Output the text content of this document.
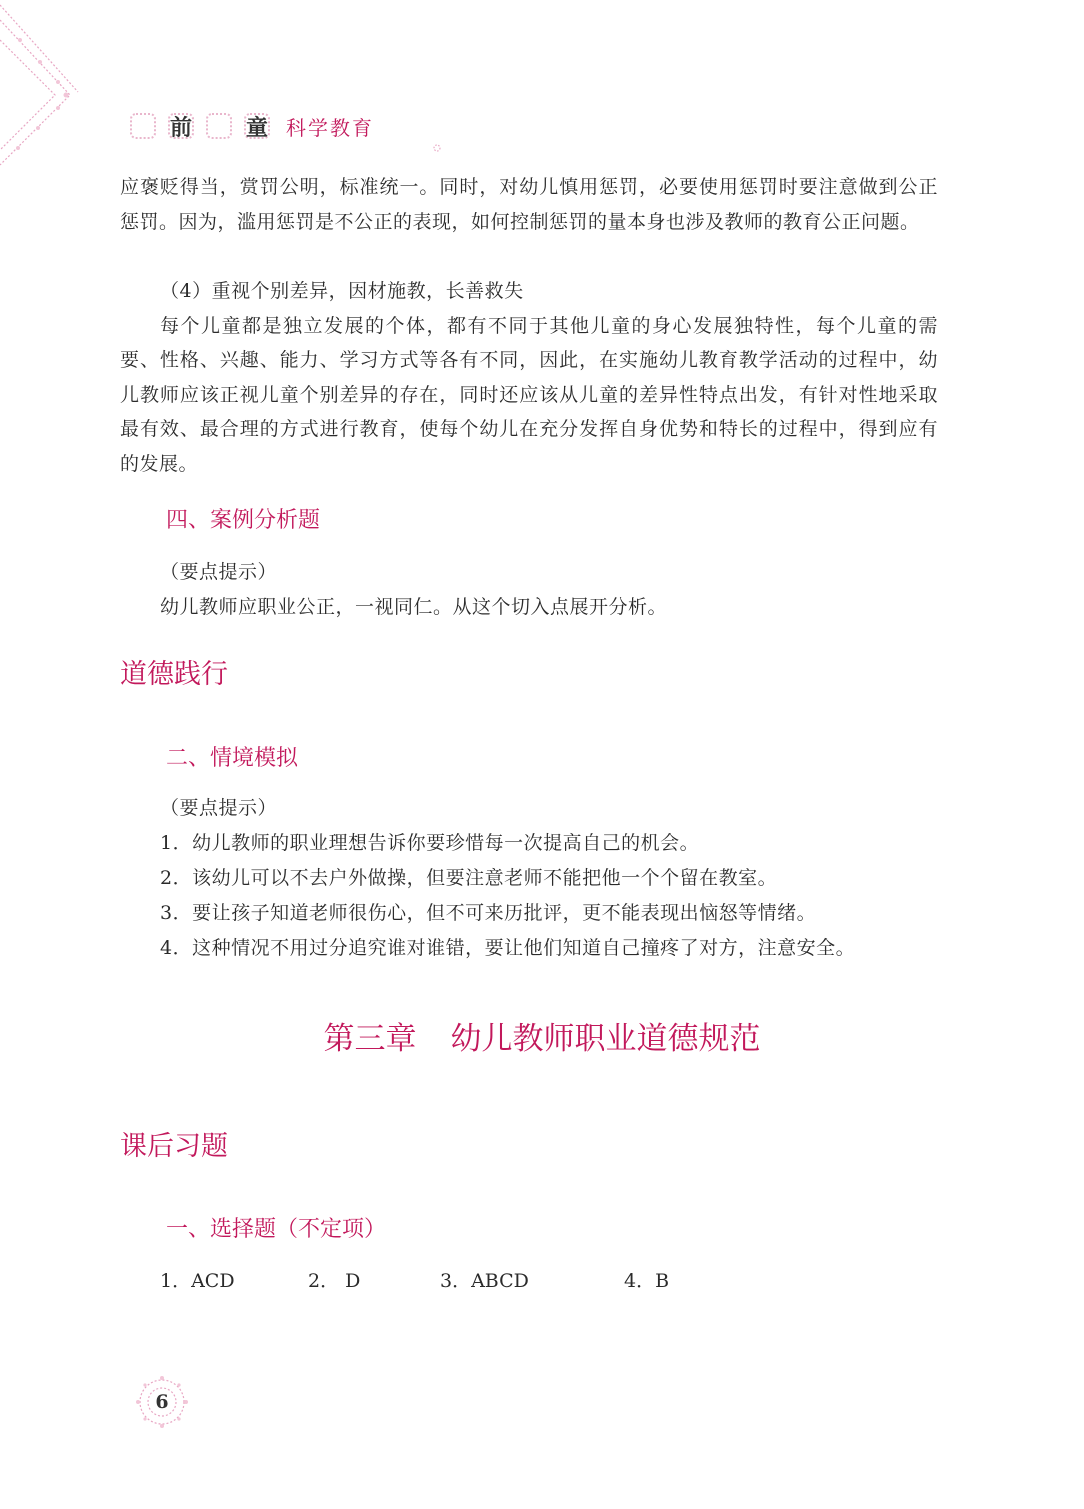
前 童 科学教育

应褒贬得当，赏罚公明，标准统一。同时，对幼儿慎用惩罚，必要使用惩罚时要注意做到公正惩罚。因为，滥用惩罚是不公正的表现，如何控制惩罚的量本身也涉及教师的教育公正问题。

（4）重视个别差异，因材施教，长善救失

每个儿童都是独立发展的个体，都有不同于其他儿童的身心发展独特性，每个儿童的需要、性格、兴趣、能力、学习方式等各有不同，因此，在实施幼儿教育教学活动的过程中，幼儿教师应该正视儿童个别差异的存在，同时还应该从儿童的差异性特点出发，有针对性地采取最有效、最合理的方式进行教育，使每个幼儿在充分发挥自身优势和特长的过程中，得到应有的发展。

四、案例分析题
（要点提示）
幼儿教师应职业公正，一视同仁。从这个切入点展开分析。
道德践行
二、情境模拟
（要点提示）
1．幼儿教师的职业理想告诉你要珍惜每一次提高自己的机会。
2．该幼儿可以不去户外做操，但要注意老师不能把他一个个留在教室。
3．要让孩子知道老师很伤心，但不可来历批评，更不能表现出恼怒等情绪。
4．这种情况不用过分追究谁对谁错，要让他们知道自己撞疼了对方，注意安全。
第三章 幼儿教师职业道德规范
课后习题
一、选择题（不定项）
1．ACD	2． D	3．ABCD	4．B
6
